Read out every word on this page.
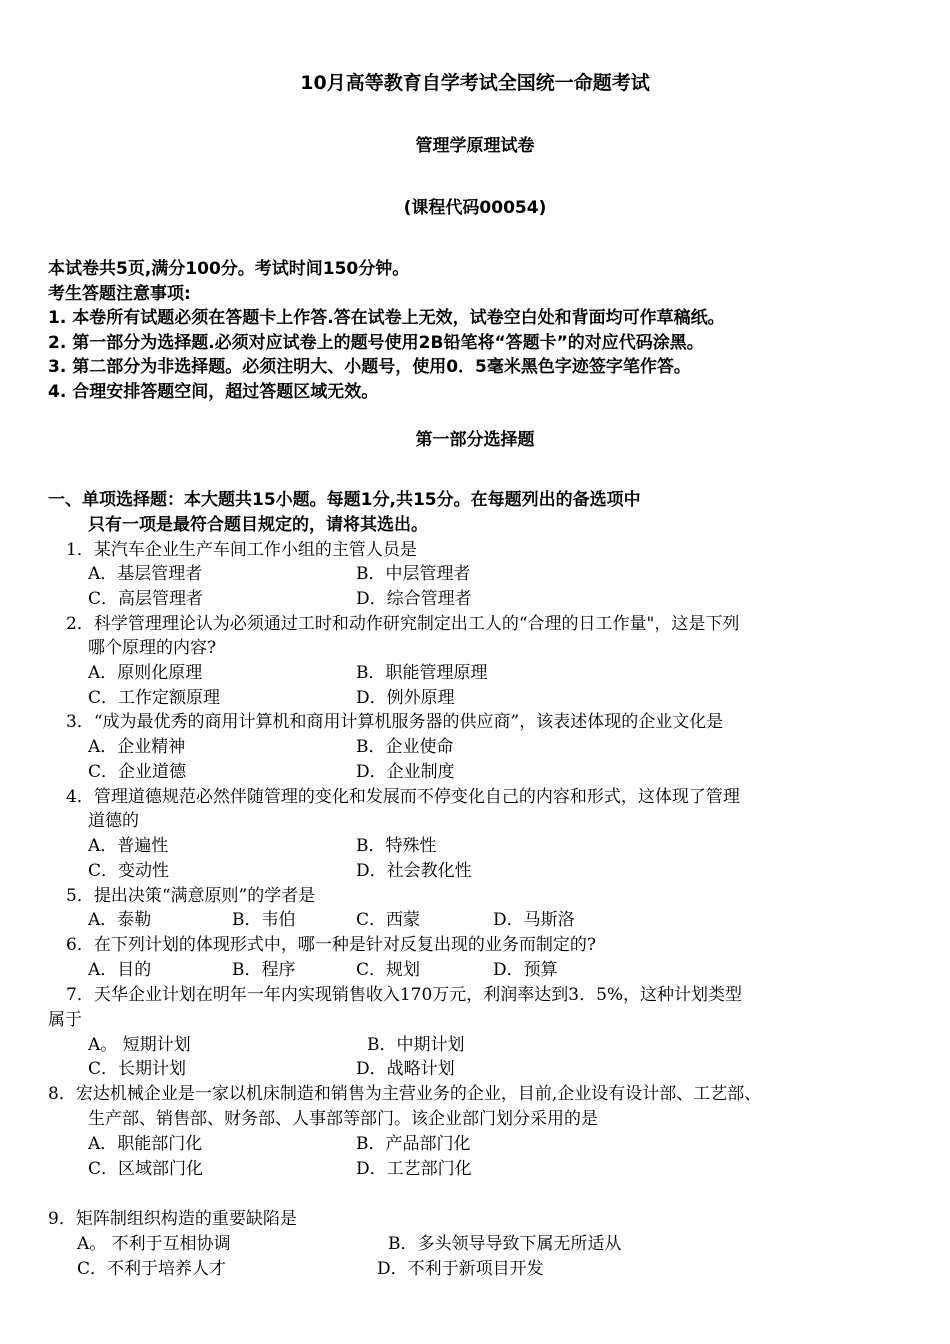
10月高等教育自学考试全国统一命题考试
管理学原理试卷
(课程代码00054)
本试卷共5页,满分100分。考试时间150分钟。
考生答题注意事项:
1. 本卷所有试题必须在答题卡上作答.答在试卷上无效，试卷空白处和背面均可作草稿纸。
2. 第一部分为选择题.必须对应试卷上的题号使用2B铅笔将“答题卡”的对应代码涂黑。
3. 第二部分为非选择题。必须注明大、小题号，使用0．5毫米黑色字迹签字笔作答。
4. 合理安排答题空间，超过答题区域无效。
第一部分选择题
一、单项选择题：本大题共15小题。每题1分,共15分。在每题列出的备选项中
只有一项是最符合题目规定的，请将其选出。
1．某汽车企业生产车间工作小组的主管人员是
A．基层管理者	B．中层管理者
C．高层管理者	D．综合管理者
2．科学管理理论认为必须通过工时和动作研究制定出工人的“合理的日工作量"，这是下列
哪个原理的内容?
A．原则化原理	B．职能管理原理
C．工作定额原理	D．例外原理
3．“成为最优秀的商用计算机和商用计算机服务器的供应商”，该表述体现的企业文化是
A．企业精神	B．企业使命
C．企业道德	D．企业制度
4．管理道德规范必然伴随管理的变化和发展而不停变化自己的内容和形式，这体现了管理
道德的
A．普遍性	B．特殊性
C．变动性	D．社会教化性
5．提出决策“满意原则”的学者是
A．泰勒	B．韦伯	C．西蒙	D．马斯洛
6．在下列计划的体现形式中，哪一种是针对反复出现的业务而制定的?
A．目的	B．程序	C．规划	D．预算
7．天华企业计划在明年一年内实现销售收入170万元，利润率达到3．5%，这种计划类型
属于
A。 短期计划	B．中期计划
C．长期计划	D．战略计划
8．宏达机械企业是一家以机床制造和销售为主营业务的企业，目前,企业设有设计部、工艺部、
生产部、销售部、财务部、人事部等部门。该企业部门划分采用的是
A．职能部门化	B．产品部门化
C．区域部门化	D．工艺部门化
9．矩阵制组织构造的重要缺陷是
A。 不利于互相协调	B．多头领导导致下属无所适从
C．不利于培养人才	D．不利于新项目开发
